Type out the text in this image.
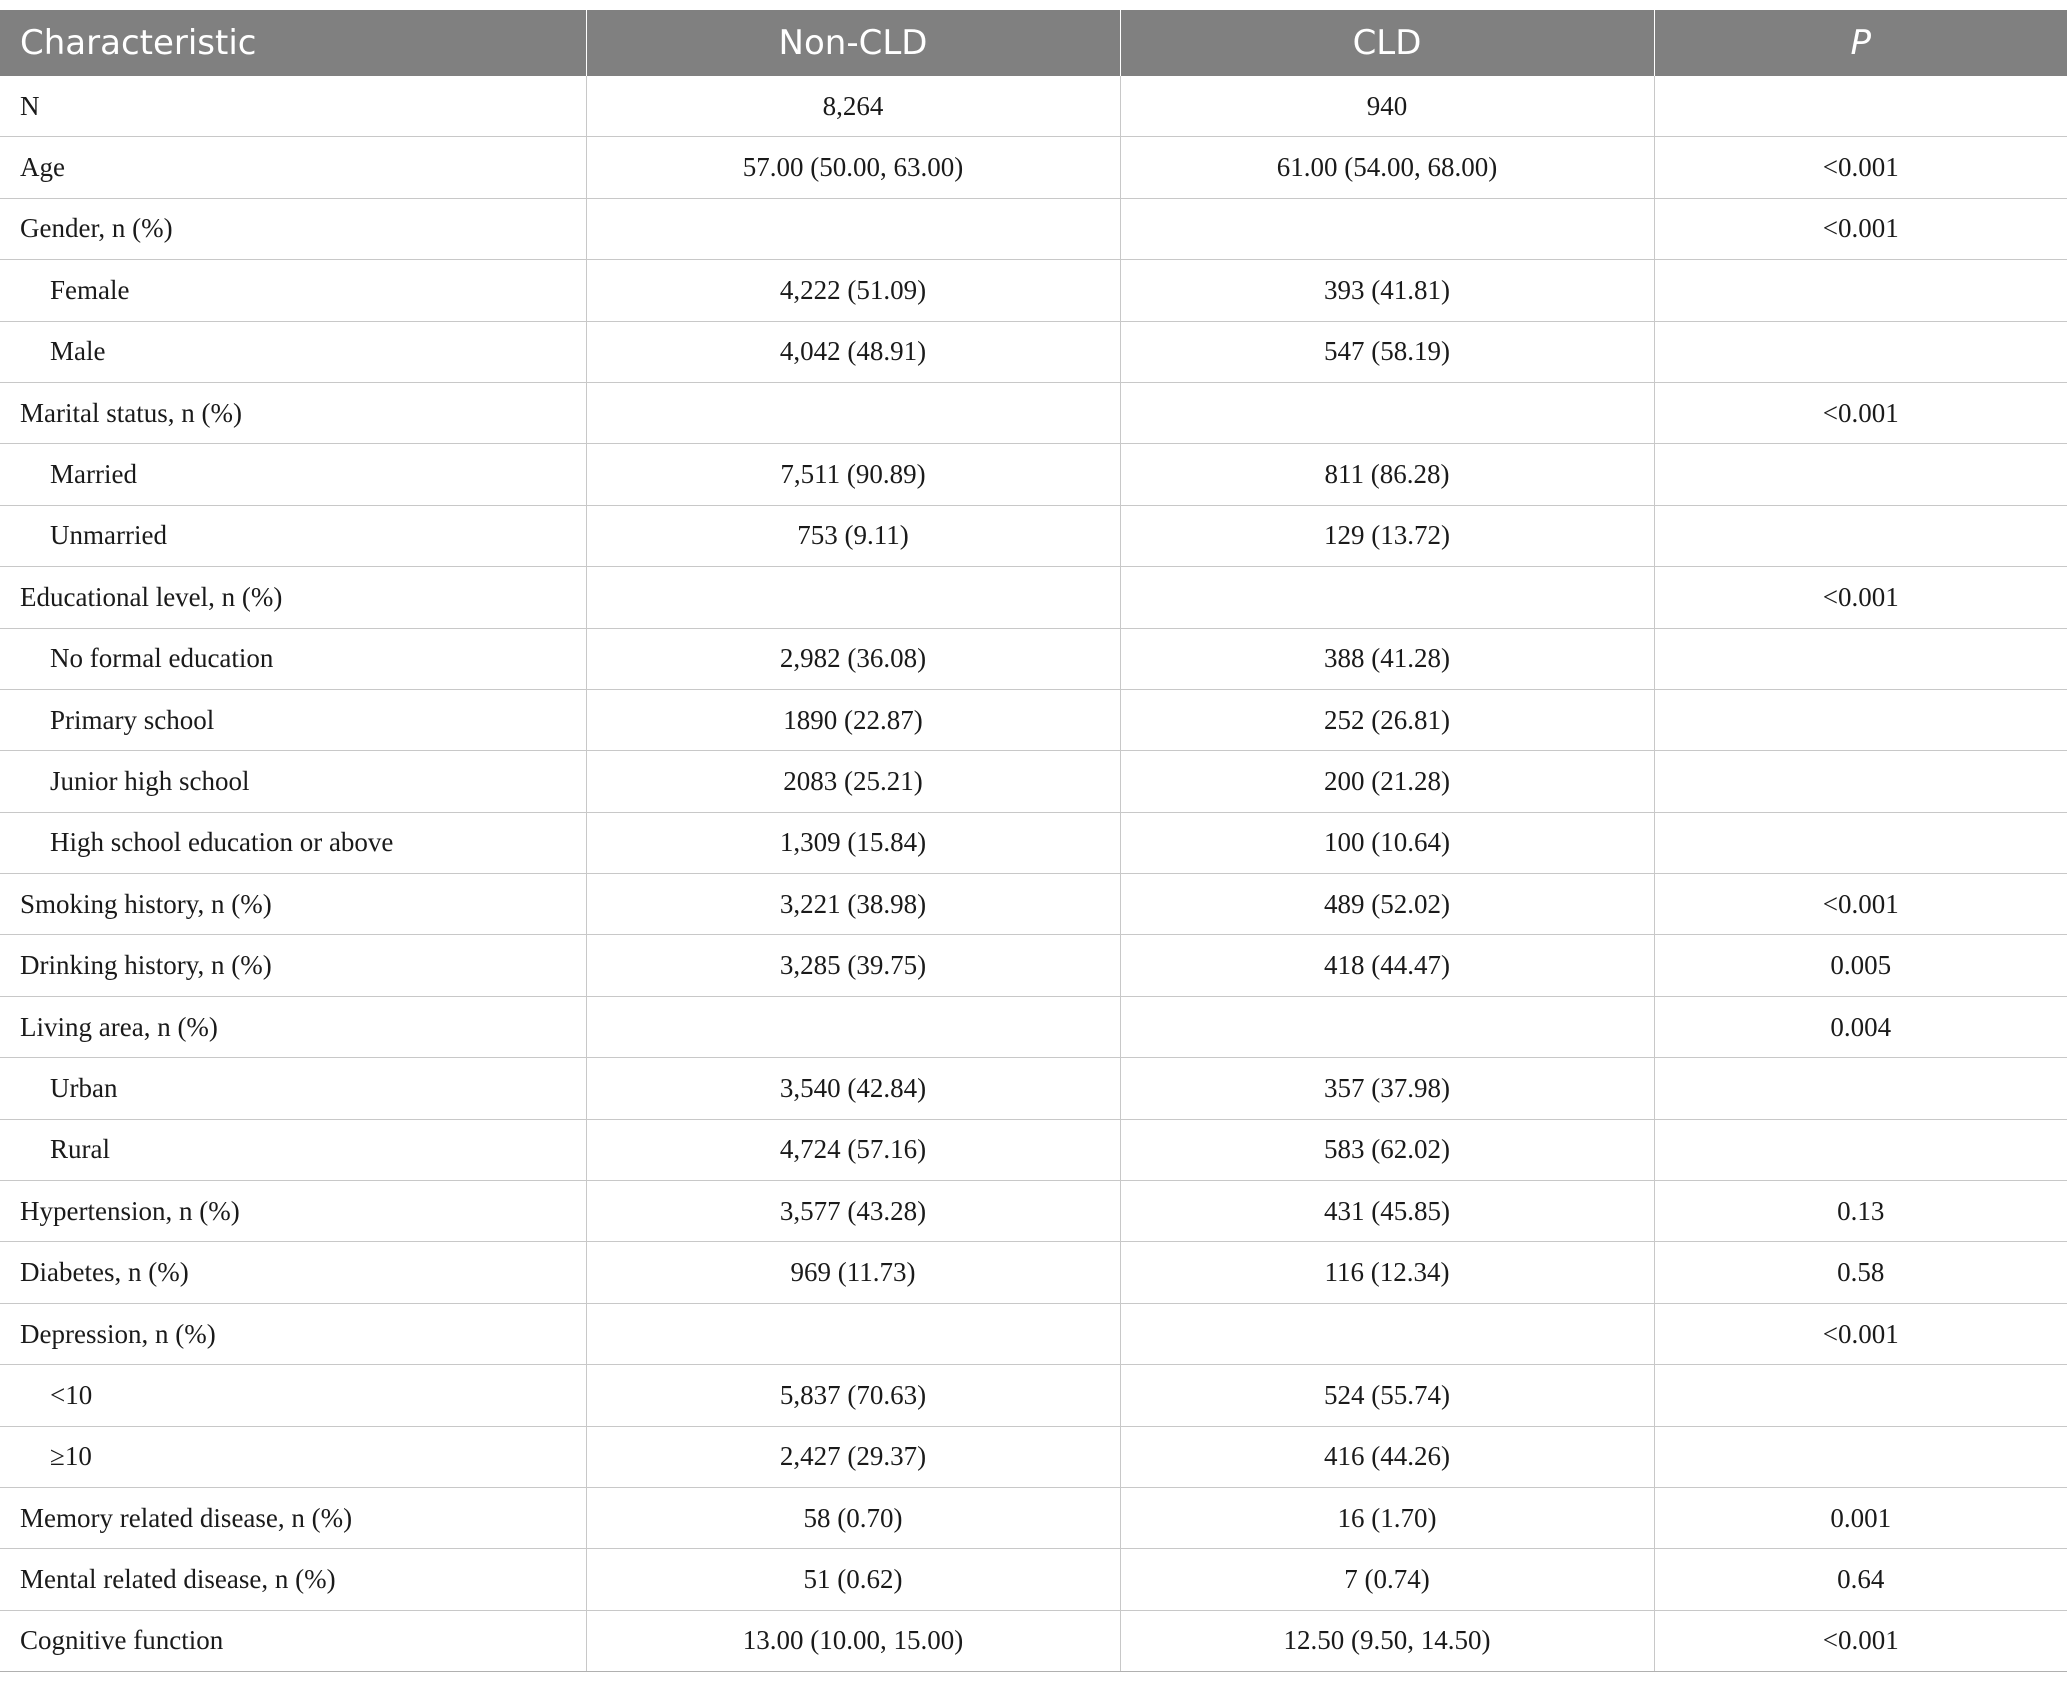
Characteristic	Non-CLD	CLD	P
N	8,264	940	
Age	57.00 (50.00, 63.00)	61.00 (54.00, 68.00)	<0.001
Gender, n (%)			<0.001
Female	4,222 (51.09)	393 (41.81)	
Male	4,042 (48.91)	547 (58.19)	
Marital status, n (%)			<0.001
Married	7,511 (90.89)	811 (86.28)	
Unmarried	753 (9.11)	129 (13.72)	
Educational level, n (%)			<0.001
No formal education	2,982 (36.08)	388 (41.28)	
Primary school	1890 (22.87)	252 (26.81)	
Junior high school	2083 (25.21)	200 (21.28)	
High school education or above	1,309 (15.84)	100 (10.64)	
Smoking history, n (%)	3,221 (38.98)	489 (52.02)	<0.001
Drinking history, n (%)	3,285 (39.75)	418 (44.47)	0.005
Living area, n (%)			0.004
Urban	3,540 (42.84)	357 (37.98)	
Rural	4,724 (57.16)	583 (62.02)	
Hypertension, n (%)	3,577 (43.28)	431 (45.85)	0.13
Diabetes, n (%)	969 (11.73)	116 (12.34)	0.58
Depression, n (%)			<0.001
<10	5,837 (70.63)	524 (55.74)	
≥10	2,427 (29.37)	416 (44.26)	
Memory related disease, n (%)	58 (0.70)	16 (1.70)	0.001
Mental related disease, n (%)	51 (0.62)	7 (0.74)	0.64
Cognitive function	13.00 (10.00, 15.00)	12.50 (9.50, 14.50)	<0.001
